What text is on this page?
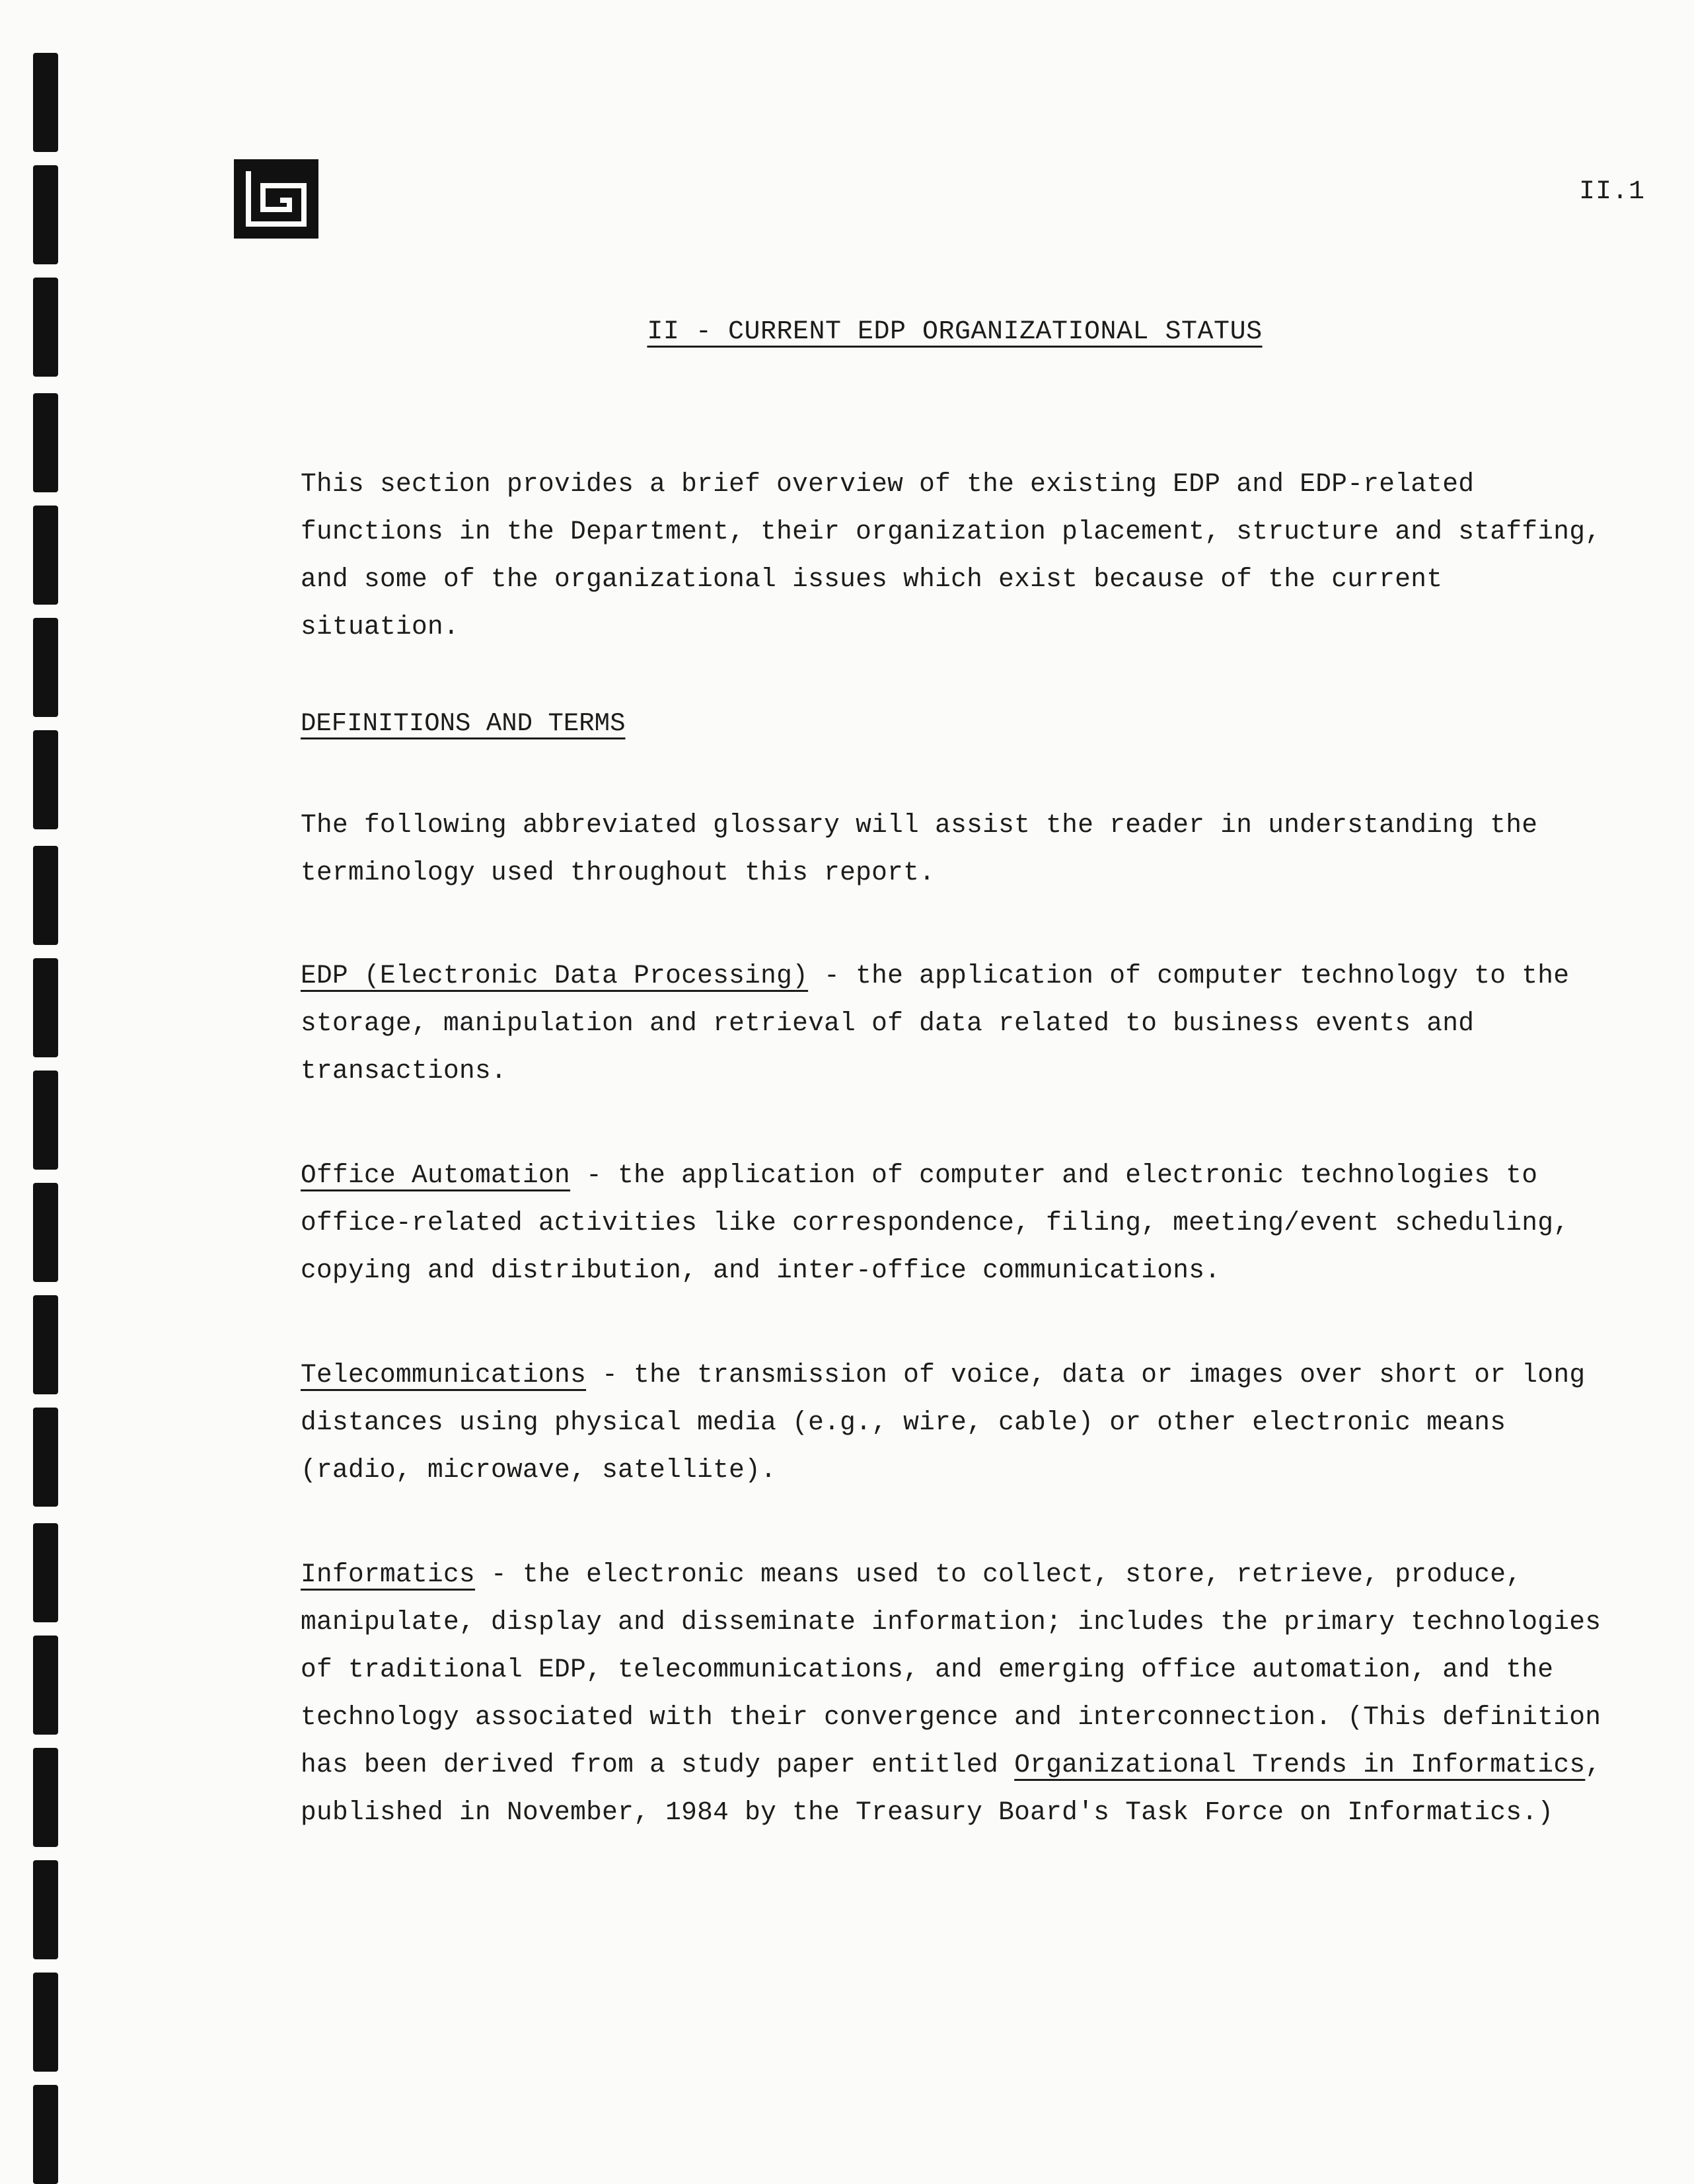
II.1
II - CURRENT EDP ORGANIZATIONAL STATUS

This section provides a brief overview of the existing EDP and EDP-related functions in the Department, their organization placement, structure and staffing, and some of the organizational issues which exist because of the current situation.

DEFINITIONS AND TERMS

The following abbreviated glossary will assist the reader in understanding the terminology used throughout this report.

EDP (Electronic Data Processing) - the application of computer technology to the storage, manipulation and retrieval of data related to business events and transactions.

Office Automation - the application of computer and electronic technologies to office-related activities like correspondence, filing, meeting/event scheduling, copying and distribution, and inter-office communications.

Telecommunications - the transmission of voice, data or images over short or long distances using physical media (e.g., wire, cable) or other electronic means (radio, microwave, satellite).

Informatics - the electronic means used to collect, store, retrieve, produce, manipulate, display and disseminate information; includes the primary technologies of traditional EDP, telecommunications, and emerging office automation, and the technology associated with their convergence and interconnection. (This definition has been derived from a study paper entitled Organizational Trends in Informatics, published in November, 1984 by the Treasury Board's Task Force on Informatics.)
